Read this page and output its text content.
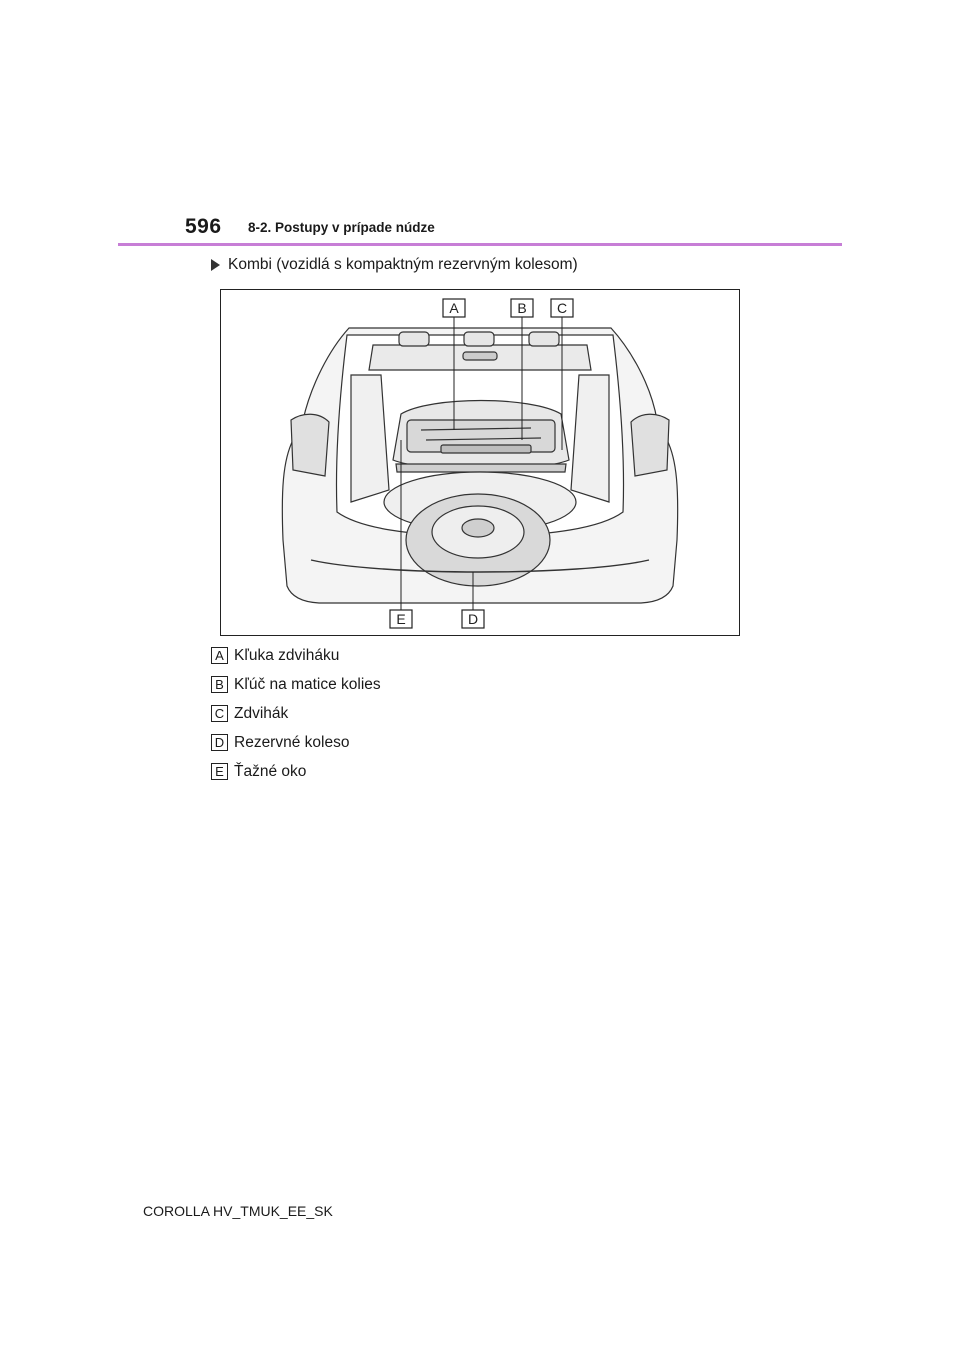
596 8-2. Postupy v prípade núdze
Kombi (vozidlá s kompaktným rezervným kolesom)
A	B C
E	D
A Kľuka zdviháku
B Kľúč na matice kolies
C Zdvihák
D Rezervné koleso
E Ťažné oko
COROLLA HV_TMUK_EE_SK
